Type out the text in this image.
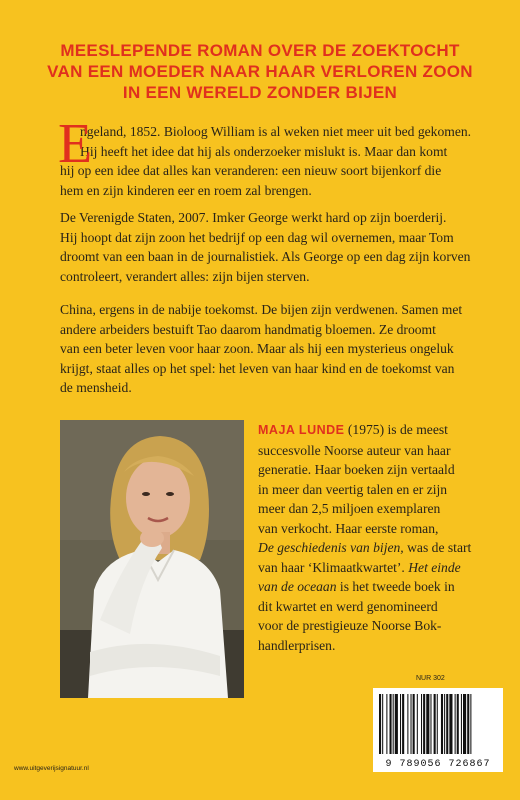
MEESLEPENDE ROMAN OVER DE ZOEKTOCHT
VAN EEN MOEDER NAAR HAAR VERLOREN ZOON
IN EEN WERELD ZONDER BIJEN
E
ngeland, 1852. Bioloog William is al weken niet meer uit bed gekomen.
Hij heeft het idee dat hij als onderzoeker mislukt is. Maar dan komt
hij op een idee dat alles kan veranderen: een nieuw soort bijenkorf die
hem en zijn kinderen eer en roem zal brengen.
De Verenigde Staten, 2007. Imker George werkt hard op zijn boerderij.
Hij hoopt dat zijn zoon het bedrijf op een dag wil overnemen, maar Tom
droomt van een baan in de journalistiek. Als George op een dag zijn korven
controleert, verandert alles: zijn bijen sterven.
China, ergens in de nabije toekomst. De bijen zijn verdwenen. Samen met
andere arbeiders bestuift Tao daarom handmatig bloemen. Ze droomt
van een beter leven voor haar zoon. Maar als hij een mysterieus ongeluk
krijgt, staat alles op het spel: het leven van haar kind en de toekomst van
de mensheid.
MAJA LUNDE (1975) is de meest
succesvolle Noorse auteur van haar
generatie. Haar boeken zijn vertaald
in meer dan veertig talen en er zijn
meer dan 2,5 miljoen exemplaren
van verkocht. Haar eerste roman,
De geschiedenis van bijen, was de start
van haar ‘Klimaatkwartet’. Het einde
van de oceaan is het tweede boek in
dit kwartet en werd genomineerd
voor de prestigieuze Noorse Bok-
handlerprisen.
NUR 302
9 789056 726867
www.uitgeverijsignatuur.nl
